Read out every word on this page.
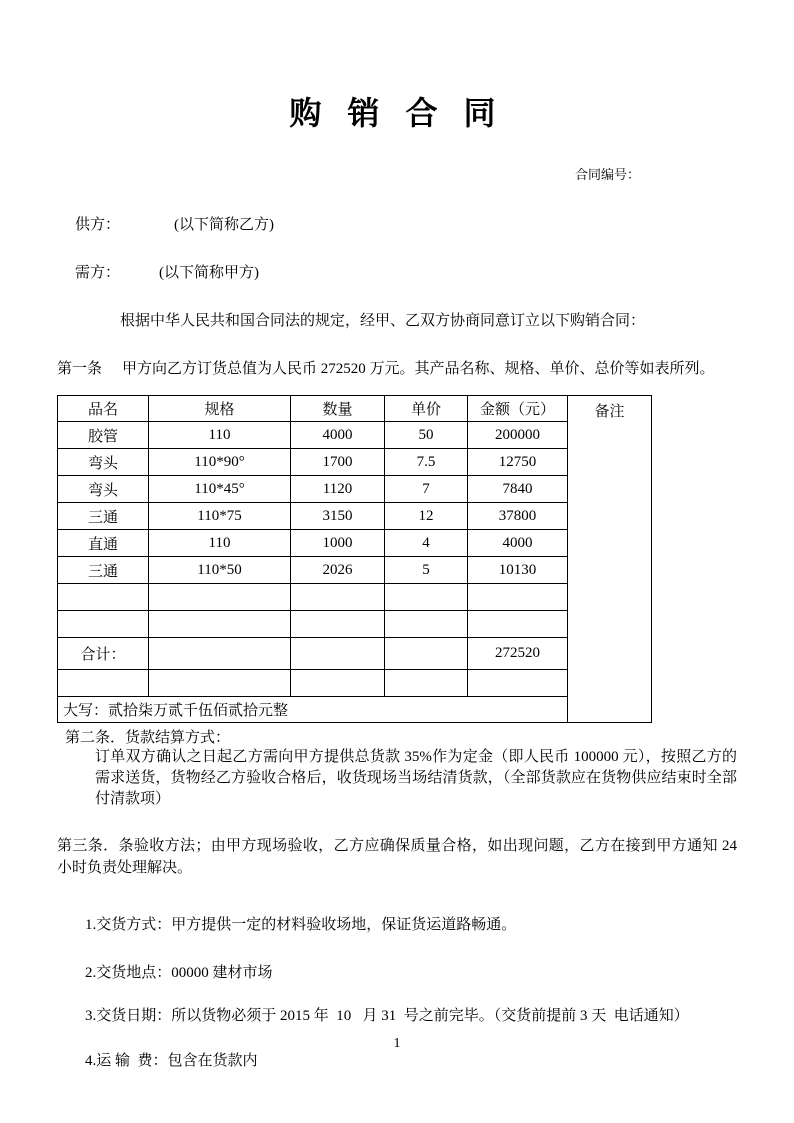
购 销 合 同
合同编号：
供方：	(以下简称乙方)
需方：	(以下简称甲方)
根据中华人民共和国合同法的规定，经甲、乙双方协商同意订立以下购销合同：
第一条 甲方向乙方订货总值为人民币 272520 万元。其产品名称、规格、单价、总价等如表所列。
品名	规格	数量	单价	金额（元）	备注
胶管	110	4000	50	200000	
弯头	110*90°	1700	7.5	12750	
弯头	110*45°	1120	7	7840	
三通	110*75	3150	12	37800	
直通	110	1000	4	4000	
三通	110*50	2026	5	10130	

合计：				272520	

大写：贰拾柒万贰千伍佰贰拾元整					
第二条．货款结算方式：
订单双方确认之日起乙方需向甲方提供总货款 35%作为定金（即人民币 100000 元），按照乙方的需求送货，货物经乙方验收合格后，收货现场当场结清货款，（全部货款应在货物供应结束时全部付清款项）
第三条．条验收方法；由甲方现场验收，乙方应确保质量合格，如出现问题，乙方在接到甲方通知 24 小时负责处理解决。
1.交货方式：甲方提供一定的材料验收场地，保证货运道路畅通。
2.交货地点：00000 建材市场
3.交货日期：所以货物必须于 2015 年  10   月 31  号之前完毕。（交货前提前 3 天  电话通知）
4.运 输  费：包含在货款内
1
